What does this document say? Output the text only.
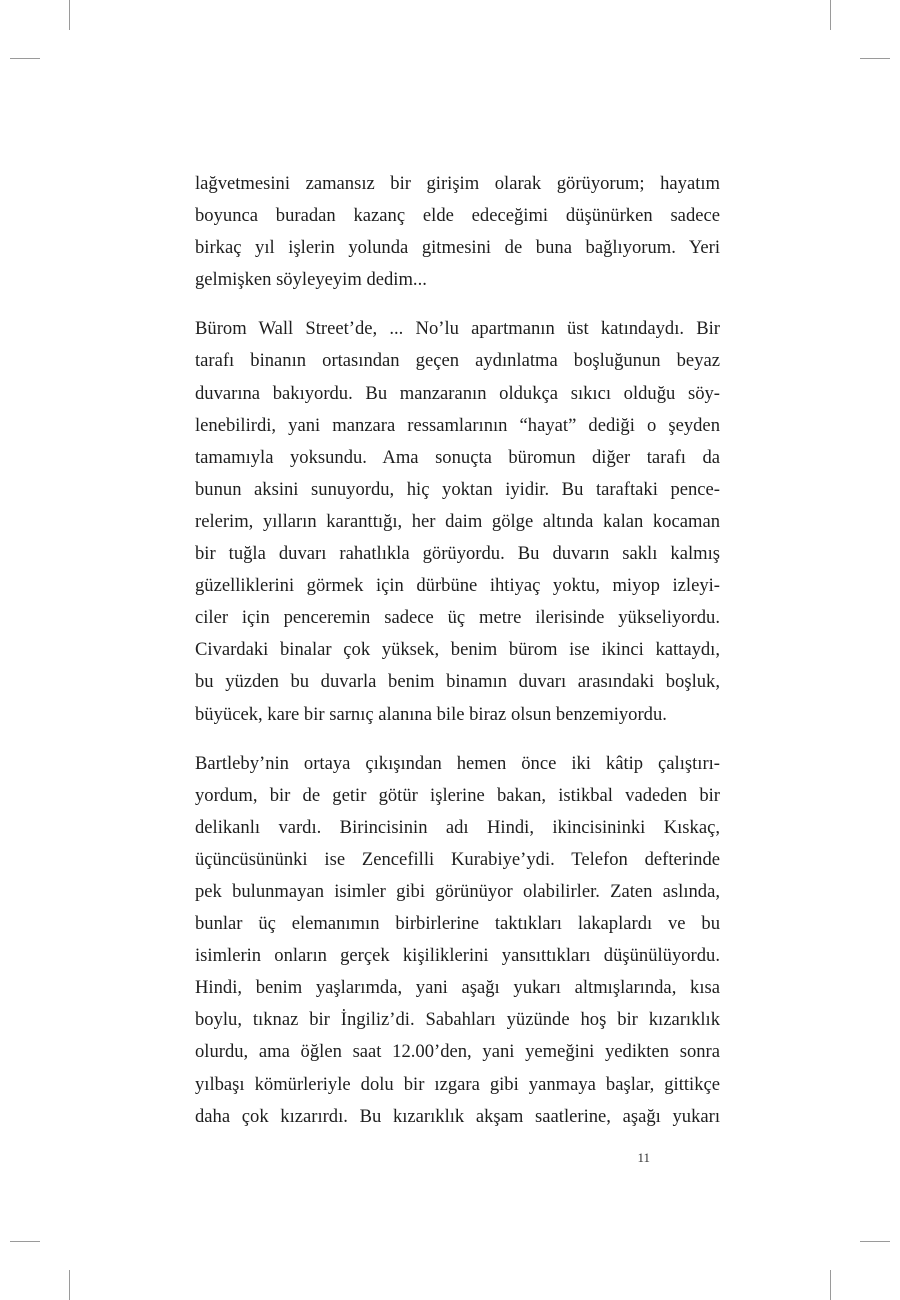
lağvetmesini zamansız bir girişim olarak görüyorum; hayatım
boyunca buradan kazanç elde edeceğimi düşünürken sadece
birkaç yıl işlerin yolunda gitmesini de buna bağlıyorum. Yeri
gelmişken söyleyeyim dedim...

Bürom Wall Street’de, ... No’lu apartmanın üst katındaydı. Bir
tarafı binanın ortasından geçen aydınlatma boşluğunun beyaz
duvarına bakıyordu. Bu manzaranın oldukça sıkıcı olduğu söy-
lenebilirdi, yani manzara ressamlarının “hayat” dediği o şeyden
tamamıyla yoksundu. Ama sonuçta büromun diğer tarafı da
bunun aksini sunuyordu, hiç yoktan iyidir. Bu taraftaki pence-
relerim, yılların karanttığı, her daim gölge altında kalan kocaman
bir tuğla duvarı rahatlıkla görüyordu. Bu duvarın saklı kalmış
güzelliklerini görmek için dürbüne ihtiyaç yoktu, miyop izleyi-
ciler için penceremin sadece üç metre ilerisinde yükseliyordu.
Civardaki binalar çok yüksek, benim bürom ise ikinci kattaydı,
bu yüzden bu duvarla benim binamın duvarı arasındaki boşluk,
büyücek, kare bir sarnıç alanına bile biraz olsun benzemiyordu.

Bartleby’nin ortaya çıkışından hemen önce iki kâtip çalıştırı-
yordum, bir de getir götür işlerine bakan, istikbal vadeden bir
delikanlı vardı. Birincisinin adı Hindi, ikincisininki Kıskaç,
üçüncüsününki ise Zencefilli Kurabiye’ydi. Telefon defterinde
pek bulunmayan isimler gibi görünüyor olabilirler. Zaten aslında,
bunlar üç elemanımın birbirlerine taktıkları lakaplardı ve bu
isimlerin onların gerçek kişiliklerini yansıttıkları düşünülüyordu.
Hindi, benim yaşlarımda, yani aşağı yukarı altmışlarında, kısa
boylu, tıknaz bir İngiliz’di. Sabahları yüzünde hoş bir kızarıklık
olurdu, ama öğlen saat 12.00’den, yani yemeğini yedikten sonra
yılbaşı kömürleriyle dolu bir ızgara gibi yanmaya başlar, gittikçe
daha çok kızarırdı. Bu kızarıklık akşam saatlerine, aşağı yukarı

11
